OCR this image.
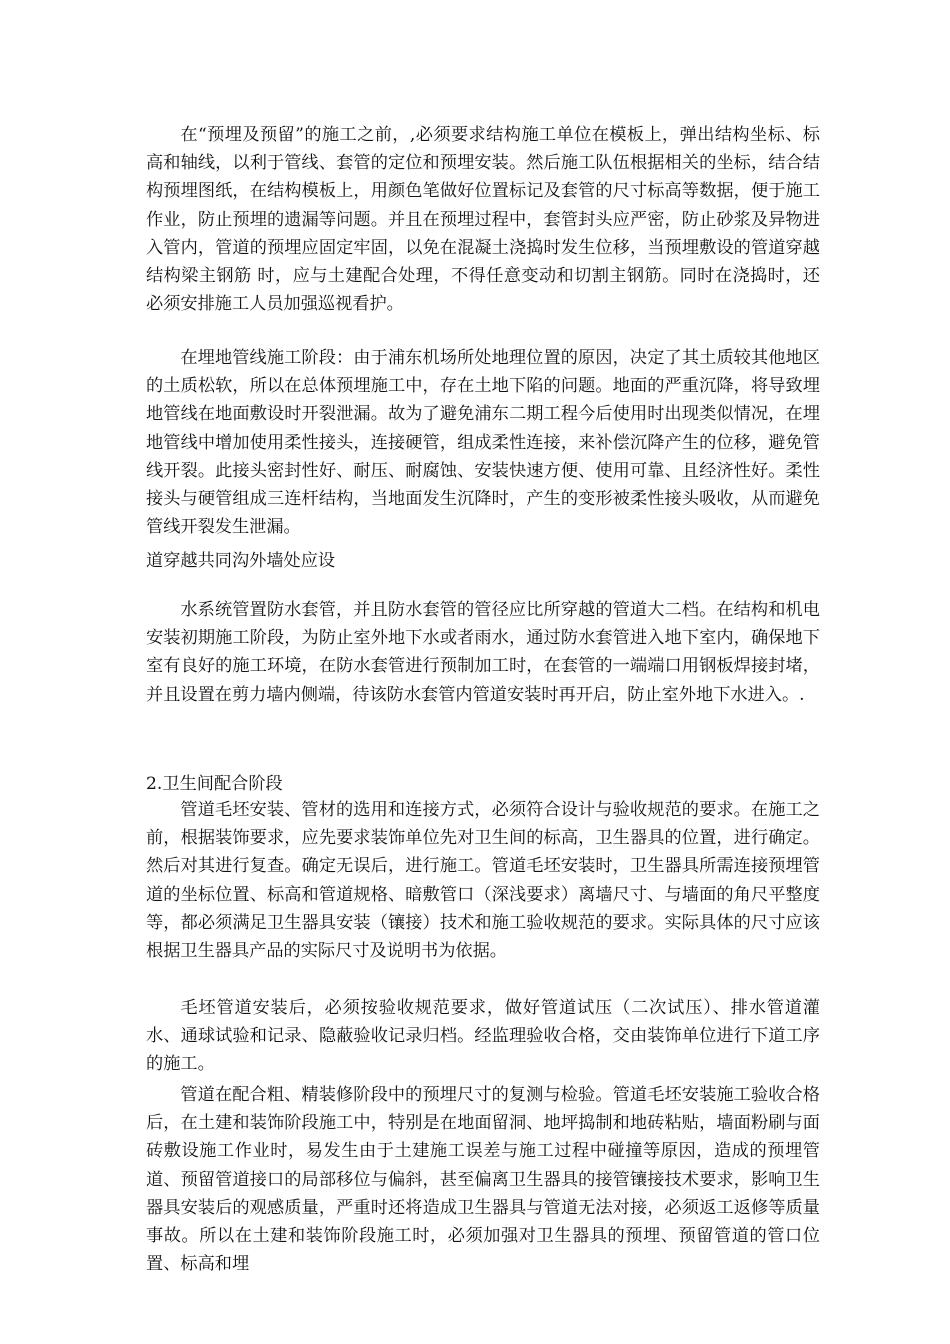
在“预埋及预留”的施工之前，,必须要求结构施工单位在模板上，弹出结构坐标、标高和轴线，以利于管线、套管的定位和预埋安装。然后施工队伍根据相关的坐标，结合结构预埋图纸，在结构模板上，用颜色笔做好位置标记及套管的尺寸标高等数据，便于施工作业，防止预埋的遗漏等问题。并且在预埋过程中，套管封头应严密，防止砂浆及异物进入管内，管道的预埋应固定牢固，以免在混凝土浇捣时发生位移，当预埋敷设的管道穿越结构梁主钢筋 时，应与土建配合处理，不得任意变动和切割主钢筋。同时在浇捣时，还必须安排施工人员加强巡视看护。

在埋地管线施工阶段：由于浦东机场所处地理位置的原因，决定了其土质较其他地区的土质松软，所以在总体预埋施工中，存在土地下陷的问题。地面的严重沉降，将导致埋地管线在地面敷设时开裂泄漏。故为了避免浦东二期工程今后使用时出现类似情况，在埋地管线中增加使用柔性接头，连接硬管，组成柔性连接，来补偿沉降产生的位移，避免管线开裂。此接头密封性好、耐压、耐腐蚀、安装快速方便、使用可靠、且经济性好。柔性接头与硬管组成三连杆结构，当地面发生沉降时，产生的变形被柔性接头吸收，从而避免管线开裂发生泄漏。

道穿越共同沟外墙处应设

水系统管置防水套管，并且防水套管的管径应比所穿越的管道大二档。在结构和机电安装初期施工阶段，为防止室外地下水或者雨水，通过防水套管进入地下室内，确保地下室有良好的施工环境，在防水套管进行预制加工时，在套管的一端端口用钢板焊接封堵，并且设置在剪力墙内侧端，待该防水套管内管道安装时再开启，防止室外地下水进入。.

2.卫生间配合阶段

管道毛坯安装、管材的选用和连接方式，必须符合设计与验收规范的要求。在施工之前，根据装饰要求，应先要求装饰单位先对卫生间的标高，卫生器具的位置，进行确定。然后对其进行复查。确定无误后，进行施工。管道毛坯安装时，卫生器具所需连接预埋管道的坐标位置、标高和管道规格、暗敷管口（深浅要求）离墙尺寸、与墙面的角尺平整度等，都必须满足卫生器具安装（镶接）技术和施工验收规范的要求。实际具体的尺寸应该根据卫生器具产品的实际尺寸及说明书为依据。

毛坯管道安装后，必须按验收规范要求，做好管道试压（二次试压）、排水管道灌水、通球试验和记录、隐蔽验收记录归档。经监理验收合格，交由装饰单位进行下道工序的施工。

管道在配合粗、精装修阶段中的预埋尺寸的复测与检验。管道毛坯安装施工验收合格后，在土建和装饰阶段施工中，特别是在地面留洞、地坪捣制和地砖粘贴，墙面粉刷与面砖敷设施工作业时，易发生由于土建施工误差与施工过程中碰撞等原因，造成的预埋管道、预留管道接口的局部移位与偏斜，甚至偏离卫生器具的接管镶接技术要求，影响卫生器具安装后的观感质量，严重时还将造成卫生器具与管道无法对接，必须返工返修等质量事故。所以在土建和装饰阶段施工时，必须加强对卫生器具的预埋、预留管道的管口位置、标高和埋
